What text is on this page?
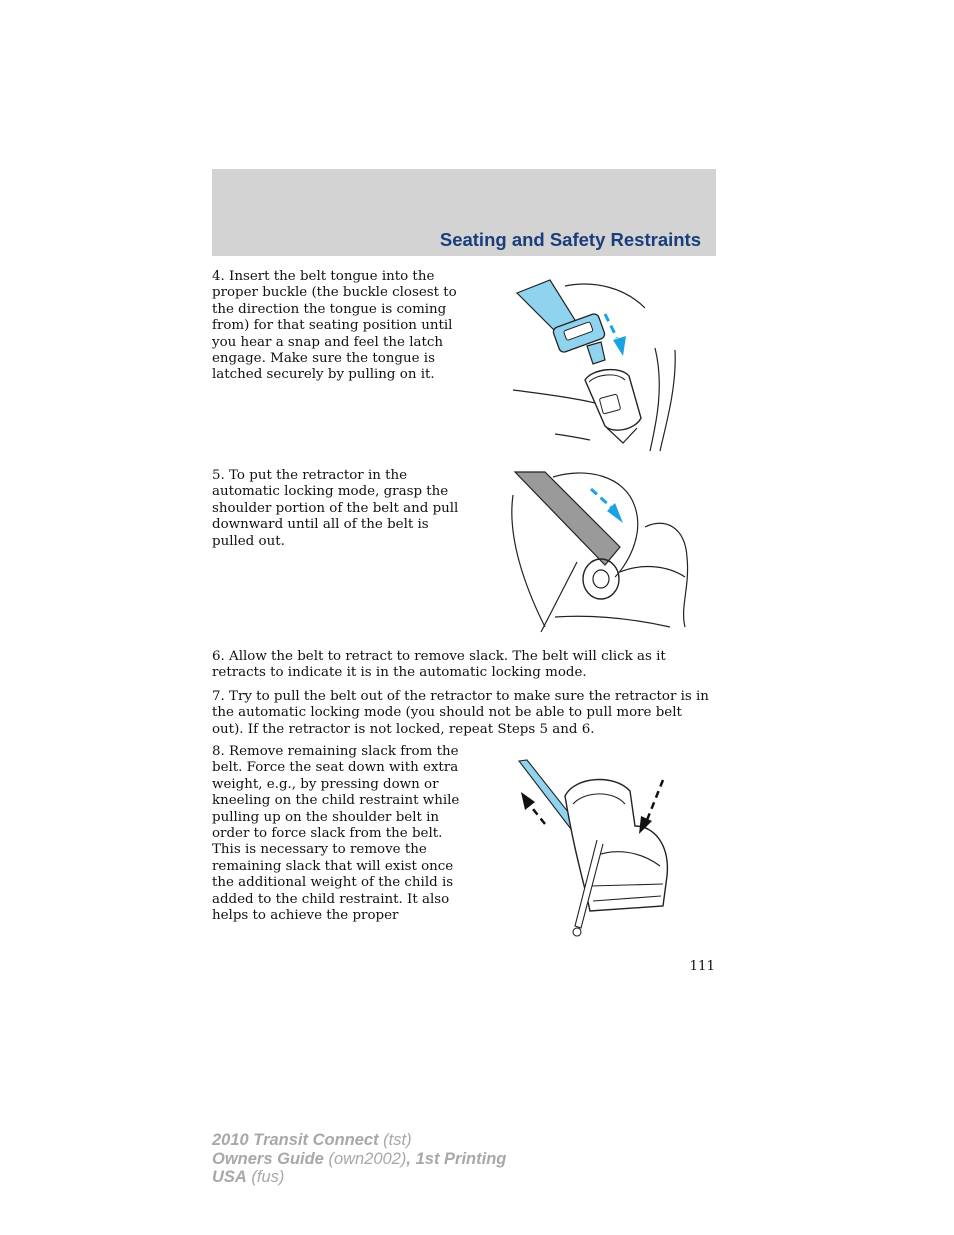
Seating and Safety Restraints

4. Insert the belt tongue into the proper buckle (the buckle closest to the direction the tongue is coming from) for that seating position until you hear a snap and feel the latch engage. Make sure the tongue is latched securely by pulling on it.

5. To put the retractor in the automatic locking mode, grasp the shoulder portion of the belt and pull downward until all of the belt is pulled out.

6. Allow the belt to retract to remove slack. The belt will click as it retracts to indicate it is in the automatic locking mode.

7. Try to pull the belt out of the retractor to make sure the retractor is in the automatic locking mode (you should not be able to pull more belt out). If the retractor is not locked, repeat Steps 5 and 6.

8. Remove remaining slack from the belt. Force the seat down with extra weight, e.g., by pressing down or kneeling on the child restraint while pulling up on the shoulder belt in order to force slack from the belt. This is necessary to remove the remaining slack that will exist once the additional weight of the child is added to the child restraint. It also helps to achieve the proper

111
2010 Transit Connect (tst)
Owners Guide (own2002), 1st Printing
USA (fus)
